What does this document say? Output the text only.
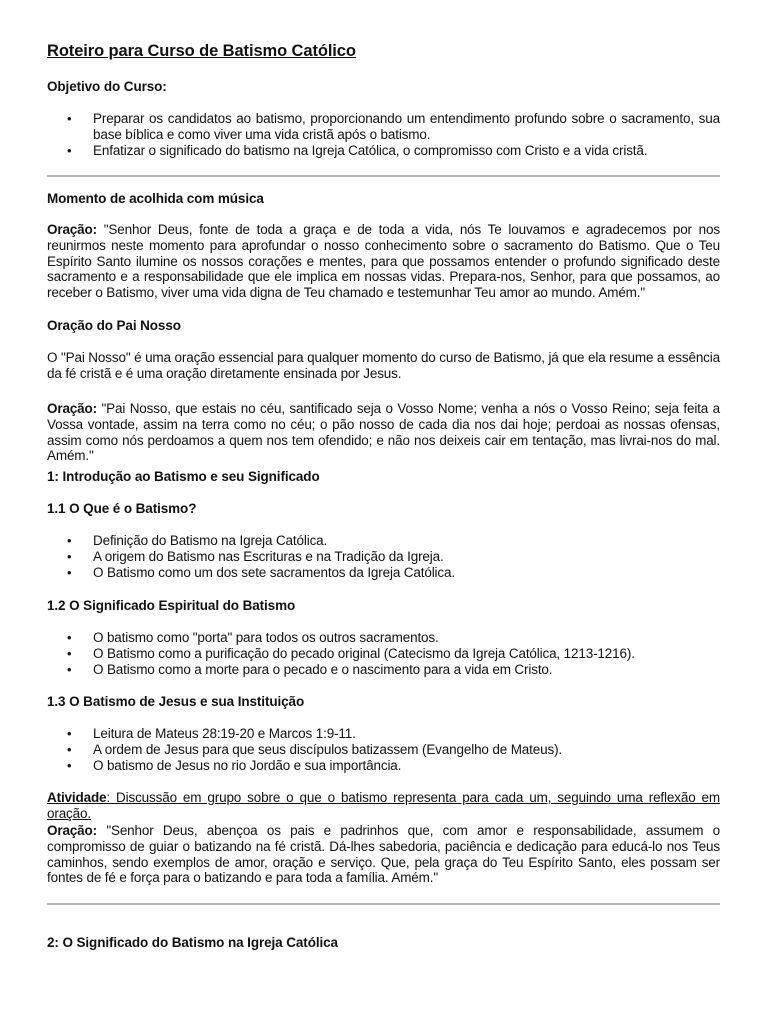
Roteiro para Curso de Batismo Católico

Objetivo do Curso:

• Preparar os candidatos ao batismo, proporcionando um entendimento profundo sobre o sacramento, sua base bíblica e como viver uma vida cristã após o batismo.
• Enfatizar o significado do batismo na Igreja Católica, o compromisso com Cristo e a vida cristã.

Momento de acolhida com música

Oração: "Senhor Deus, fonte de toda a graça e de toda a vida, nós Te louvamos e agradecemos por nos reunirmos neste momento para aprofundar o nosso conhecimento sobre o sacramento do Batismo. Que o Teu Espírito Santo ilumine os nossos corações e mentes, para que possamos entender o profundo significado deste sacramento e a responsabilidade que ele implica em nossas vidas. Prepara-nos, Senhor, para que possamos, ao receber o Batismo, viver uma vida digna de Teu chamado e testemunhar Teu amor ao mundo. Amém."

Oração do Pai Nosso

O "Pai Nosso" é uma oração essencial para qualquer momento do curso de Batismo, já que ela resume a essência da fé cristã e é uma oração diretamente ensinada por Jesus.

Oração: "Pai Nosso, que estais no céu, santificado seja o Vosso Nome; venha a nós o Vosso Reino; seja feita a Vossa vontade, assim na terra como no céu; o pão nosso de cada dia nos dai hoje; perdoai as nossas ofensas, assim como nós perdoamos a quem nos tem ofendido; e não nos deixeis cair em tentação, mas livrai-nos do mal. Amém."

1: Introdução ao Batismo e seu Significado

1.1 O Que é o Batismo?

• Definição do Batismo na Igreja Católica.
• A origem do Batismo nas Escrituras e na Tradição da Igreja.
• O Batismo como um dos sete sacramentos da Igreja Católica.

1.2 O Significado Espiritual do Batismo

• O batismo como "porta" para todos os outros sacramentos.
• O Batismo como a purificação do pecado original (Catecismo da Igreja Católica, 1213-1216).
• O Batismo como a morte para o pecado e o nascimento para a vida em Cristo.

1.3 O Batismo de Jesus e sua Instituição

• Leitura de Mateus 28:19-20 e Marcos 1:9-11.
• A ordem de Jesus para que seus discípulos batizassem (Evangelho de Mateus).
• O batismo de Jesus no rio Jordão e sua importância.

Atividade: Discussão em grupo sobre o que o batismo representa para cada um, seguindo uma reflexão em oração.

Oração: "Senhor Deus, abençoa os pais e padrinhos que, com amor e responsabilidade, assumem o compromisso de guiar o batizando na fé cristã. Dá-lhes sabedoria, paciência e dedicação para educá-lo nos Teus caminhos, sendo exemplos de amor, oração e serviço. Que, pela graça do Teu Espírito Santo, eles possam ser fontes de fé e força para o batizando e para toda a família. Amém."

2: O Significado do Batismo na Igreja Católica
